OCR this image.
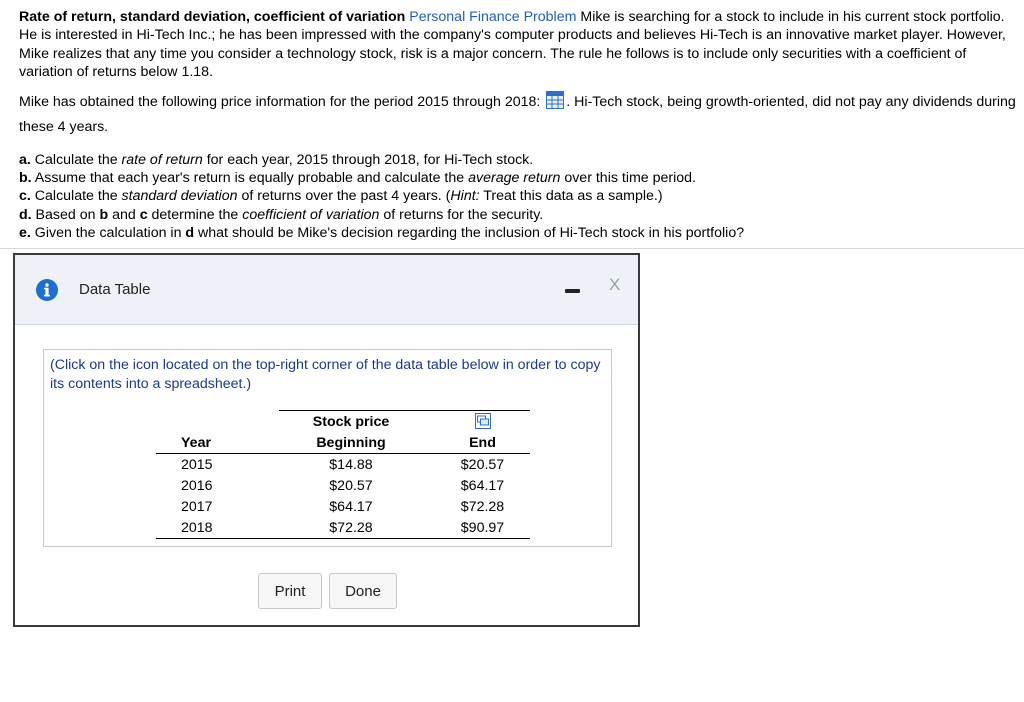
Rate of return, standard deviation, coefficient of variation Personal Finance Problem Mike is searching for a stock to include in his current stock portfolio. He is interested in Hi-Tech Inc.; he has been impressed with the company's computer products and believes Hi-Tech is an innovative market player. However, Mike realizes that any time you consider a technology stock, risk is a major concern. The rule he follows is to include only securities with a coefficient of variation of returns below 1.18.

Mike has obtained the following price information for the period 2015 through 2018: . Hi-Tech stock, being growth-oriented, did not pay any dividends during these 4 years.

a. Calculate the rate of return for each year, 2015 through 2018, for Hi-Tech stock.
b. Assume that each year's return is equally probable and calculate the average return over this time period.
c. Calculate the standard deviation of returns over the past 4 years. (Hint: Treat this data as a sample.)
d. Based on b and c determine the coefficient of variation of returns for the security.
e. Given the calculation in d what should be Mike's decision regarding the inclusion of Hi-Tech stock in his portfolio?
Data Table	X
(Click on the icon located on the top-right corner of the data table below in order to copy its contents into a spreadsheet.)
	Stock price	
Year	Beginning	End
2015	$14.88	$20.57
2016	$20.57	$64.17
2017	$64.17	$72.28
2018	$72.28	$90.97
Print	Done
